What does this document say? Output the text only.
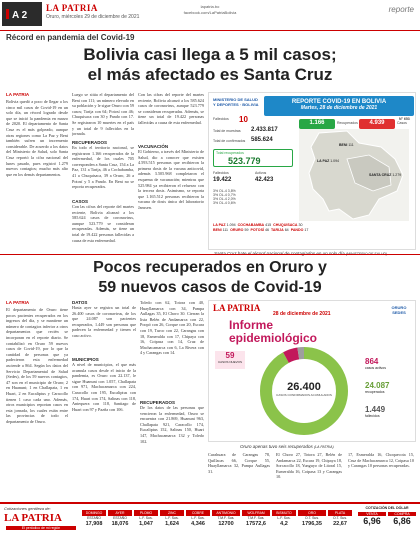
A 2
LA PATRIA
Oruro, miércoles 29 de diciembre de 2021
lapatria.bo
facebook.com/LaPatriaBolivia	reporte
Récord en pandemia del Covid-19
Bolivia casi llega a 5 mil casos;
el más afectado es Santa Cruz
LA PATRIA
Bolivia quedó a poco de llegar a los cinco mil casos de Covid-19 en un solo día, un récord logrado desde que se inició la pandemia en marzo de 2020. El departamento de Santa Cruz es el más golpeado, aunque otras regiones como La Paz y Beni también sufren un incremento considerable. De acuerdo a los datos del Ministerio de Salud, solo Santa Cruz reportó la cifra nacional del lunes pasado, pues registró 1.279 nuevos contagios; mucho más alto que en los demás departamentos.
Luego se sitúa el departamento del Beni con 111; un número elevado en su población y le sigue Oruro con 59 casos; Tarija con 64; Potosí con 46; Chuquisaca con 30 y Pando con 17. Se registraron 10 muertes en el país y un total de 9 fallecidos en la jornada.
RECUPERADOS
En todo el territorio nacional, se registraron 1.166 recuperados de la enfermedad, de los cuales 705 corresponden a Santa Cruz, 154 a La Paz, 131 a Tarija, 46 a Cochabamba, 41 a Chuquisaca, 39 a Oruro, 26 a Potosí y 5 a Pando. En Beni no se reporta recuperados.
CASOS
Con las cifras del reporte del martes reciente, Bolivia alcanzó a los 585.624 casos de coronavirus, aunque 523.779 se consideran recuperadas. Además, se tiene un total de 19.422 personas fallecidas a causa de esta enfermedad.
Con las cifras del reporte del martes reciente, Bolivia alcanzó a los 585.624 casos de coronavirus, aunque 523.779 se consideran recuperadas. Además, se tiene un total de 19.422 personas fallecidas a causa de esta enfermedad.
VACUNACIÓN
El Gobierno, a través del Ministerio de Salud, dio a conocer que existen 4.593.515 personas que recibieron la primera dosis de la vacuna anticovid, además 3.505.968 completaron el esquema de vacunación; mientras que 525.984 ya recibieron el refuerzo con la tercera dosis. Asimismo, se reporta que 1.165.512 personas recibieron la vacuna de dosis única del laboratorio Janssen.
MINISTERIO DE SALUD Y DEPORTES · BOLIVIA	REPORTE COVID-19 EN BOLIVIA
Martes, 28 de diciembre de 2021
N° 653
1.166	Recuperados	4.939	Casos
Fallecidos 10
Total de muestras 2.433.817
Total de confirmados 585.624
Total recuperados
523.779
Fallecidos
19.422
Activos
42.423
3% OL-4 3,8%
3% OL-4 0,7%
3% OL-4 2,0%
3% OL-4 0,6%
LA PAZ 1.094
BENI 111
SANTA CRUZ 1.279
LA PAZ 1.094 COCHABAMBA 415 CHUQUISACA 30
BENI 111 ORURO 59 POTOSÍ 46 TARIJA 64 PANDO 17
Pocos recuperados en Oruro y
59 nuevos casos de Covid-19
LA PATRIA
El departamento de Oruro tiene pocos pacientes recuperados en los ingresos del día, y se mantiene un número de contagios inferior a otros departamentos que recién se incorporan en el reporte diario. Se contabilizó en Oruro 59 nuevos casos de Covid-19, por lo que la cantidad de personas que ya padecieron esta enfermedad asciende a 864. Según los datos del Servicio Departamental de Salud (Sedes), de los 59 nuevos contagios, 47 son en el municipio de Oruro; 2 en Huanuni; 1 en Challapata, 1 en Huari, 2 en Eucaliptus y Caracollo tienen 1 caso cada uno. Además, otros municipios reportan casos en esta jornada, los cuales están entre las provincias de todo el departamento de Oruro.
DATOS
Hasta ayer se registra un total de 26.400 casos de coronavirus, de los que 24.087 son pacientes recuperados, 1.449 son personas que padecen la enfermedad y tienen el caso activo.
MUNICIPIOS
A nivel de municipios, el que más acumula casos desde el inicio de la pandemia, es Oruro con 22.137, le sigue Huanuni con 1.057, Challapata con 971, Machacamarca con 224, Caracollo con 195, Eucaliptus con 174, Huari con 174, Salinas con 118, Antequera con 118, Santiago de Huari con 97 y Pazña con 106.
Toledo con 62, Totora con 40, Huayllamarca con 34, Pampa Aullagas 35, El Choro 30. Cierran la lista Belén de Andamarca con 22, Poopó con 26, Corque con 20, Escara con 19, Turco con 22, Carangas con 18, Esmeralda con 17, Chipaya con 16, Coipasa con 14, Cruz de Machacamarca con 6, La Rivera con 4 y Carangas con 14.
RECUPERADOS
De los datos de las personas que vencieron la enfermedad, Oruro se encuentra con 21.869, Huanuni 963, Challapata 921, Caracollo 174, Eucaliptus 152, Salinas 150, Huari 147, Machacamarca 132 y Toledo 102.
LA PATRIA
28 de diciembre de 2021
ORURO SEDES
Informe
epidemiológico
59
CASOS NUEVOS
26.400
CASOS CONFIRMADOS ACUMULADOS
864
casos activos
24.087
recuperados
1.449
fallecidos
Oruro apenas tuvo seis recuperados (LA PATRIA)
Curahuara de Carangas 78, Quillacas 66, Corque 55, Huayllamarca 32, Pampa Aullagas 31.
El Choro 27, Totora 27, Belén de Andamarca 22, Escara 19, Chipaya 18, Sorcacollo 18, Yunguyo de Litoral 15, Esmeralda 16, Coipasa 13 y Carangas 10.
17, Esmeralda 16, Choquecota 15, Cruz de Machacamarca 12, Coipasa 10 y Carangas 10 personas recuperadas.
Cotizaciones gentileza de:
LA PATRIA
El periódico de mi región
DOMINGO
ESTAÑO
17,908
AYER
ESTAÑO
18,076
PLOMO
L.F. Sus.
1,047
ZINC
L.F. Sus.
1,624
COBRE
L.F. Sus.
4,346
ANTIMONIO
T.M.F. Sus.
12700
WOLFRAM
T.M.F. Sus.
17572,6
BISMUTO
L.F. Sus.
4,2
ORO
O.T. Sus.
1796,35
PLATA
O.T. Sus.
22,67
COTIZACIÓN DEL DÓLAR
VENTA
6,96
COMPRA
6,86
